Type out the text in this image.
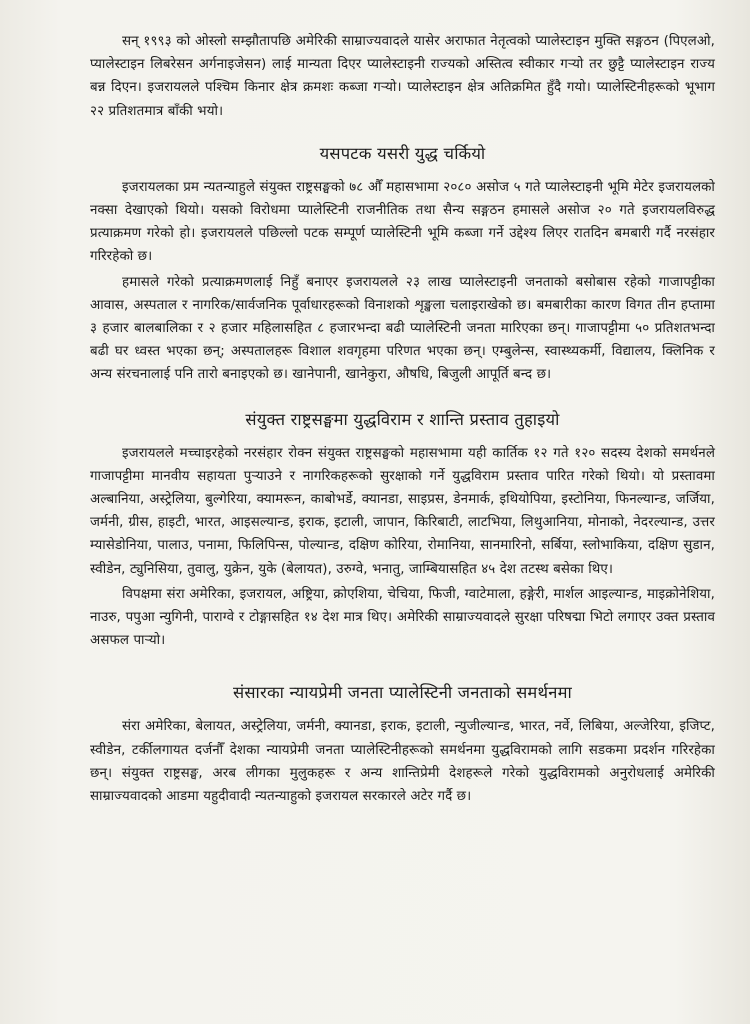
सन् १९९३ को ओस्लो सम्झौतापछि अमेरिकी साम्राज्यवादले यासेर अराफात नेतृत्वको प्यालेस्टाइन मुक्ति सङ्गठन (पिएलओ, प्यालेस्टाइन लिबरेसन अर्गनाइजेसन) लाई मान्यता दिएर प्यालेस्टाइनी राज्यको अस्तित्व स्वीकार गर्‍यो तर छुट्टै प्यालेस्टाइन राज्य बन्न दिएन। इजरायलले पश्चिम किनार क्षेत्र क्रमशः कब्जा गर्‍यो। प्यालेस्टाइन क्षेत्र अतिक्रमित हुँदै गयो। प्यालेस्टिनीहरूको भूभाग २२ प्रतिशतमात्र बाँकी भयो।

यसपटक यसरी युद्ध चर्कियो

इजरायलका प्रम न्यतन्याहुले संयुक्त राष्ट्रसङ्घको ७८ औँ महासभामा २०८० असोज ५ गते प्यालेस्टाइनी भूमि मेटेर इजरायलको नक्सा देखाएको थियो। यसको विरोधमा प्यालेस्टिनी राजनीतिक तथा सैन्य सङ्गठन हमासले असोज २० गते इजरायलविरुद्ध प्रत्याक्रमण गरेको हो। इजरायलले पछिल्लो पटक सम्पूर्ण प्यालेस्टिनी भूमि कब्जा गर्ने उद्देश्य लिएर रातदिन बमबारी गर्दै नरसंहार गरिरहेको छ।

हमासले गरेको प्रत्याक्रमणलाई निहुँ बनाएर इजरायलले २३ लाख प्यालेस्टाइनी जनताको बसोबास रहेको गाजापट्टीका आवास, अस्पताल र नागरिक/सार्वजनिक पूर्वाधारहरूको विनाशको शृङ्खला चलाइराखेको छ। बमबारीका कारण विगत तीन हप्तामा ३ हजार बालबालिका र २ हजार महिलासहित ८ हजारभन्दा बढी प्यालेस्टिनी जनता मारिएका छन्। गाजापट्टीमा ५० प्रतिशतभन्दा बढी घर ध्वस्त भएका छन्; अस्पतालहरू विशाल शवगृहमा परिणत भएका छन्। एम्बुलेन्स, स्वास्थ्यकर्मी, विद्यालय, क्लिनिक र अन्य संरचनालाई पनि तारो बनाइएको छ। खानेपानी, खानेकुरा, औषधि, बिजुली आपूर्ति बन्द छ।

संयुक्त राष्ट्रसङ्घमा युद्धविराम र शान्ति प्रस्ताव तुहाइयो

इजरायलले मच्चाइरहेको नरसंहार रोक्न संयुक्त राष्ट्रसङ्घको महासभामा यही कार्तिक १२ गते १२० सदस्य देशको समर्थनले गाजापट्टीमा मानवीय सहायता पुर्‍याउने र नागरिकहरूको सुरक्षाको गर्ने युद्धविराम प्रस्ताव पारित गरेको थियो। यो प्रस्तावमा अल्बानिया, अस्ट्रेलिया, बुल्गेरिया, क्यामरून, काबोभर्डे, क्यानडा, साइप्रस, डेनमार्क, इथियोपिया, इस्टोनिया, फिनल्यान्ड, जर्जिया, जर्मनी, ग्रीस, हाइटी, भारत, आइसल्यान्ड, इराक, इटाली, जापान, किरिबाटी, लाटभिया, लिथुआनिया, मोनाको, नेदरल्यान्ड, उत्तर म्यासेडोनिया, पालाउ, पनामा, फिलिपिन्स, पोल्यान्ड, दक्षिण कोरिया, रोमानिया, सानमारिनो, सर्बिया, स्लोभाकिया, दक्षिण सुडान, स्वीडेन, ट्युनिसिया, तुवालु, युक्रेन, युके (बेलायत), उरुग्वे, भनातु, जाम्बियासहित ४५ देश तटस्थ बसेका थिए।

विपक्षमा संरा अमेरिका, इजरायल, अष्ट्रिया, क्रोएशिया, चेचिया, फिजी, ग्वाटेमाला, हङ्गेरी, मार्शल आइल्यान्ड, माइक्रोनेशिया, नाउरु, पपुआ न्युगिनी, पाराग्वे र टोङ्गासहित १४ देश मात्र थिए। अमेरिकी साम्राज्यवादले सुरक्षा परिषद्मा भिटो लगाएर उक्त प्रस्ताव असफल पार्‍यो।

संसारका न्यायप्रेमी जनता प्यालेस्टिनी जनताको समर्थनमा

संरा अमेरिका, बेलायत, अस्ट्रेलिया, जर्मनी, क्यानडा, इराक, इटाली, न्युजील्यान्ड, भारत, नर्वे, लिबिया, अल्जेरिया, इजिप्ट, स्वीडेन, टर्कीलगायत दर्जनौँ देशका न्यायप्रेमी जनता प्यालेस्टिनीहरूको समर्थनमा युद्धविरामको लागि सडकमा प्रदर्शन गरिरहेका छन्। संयुक्त राष्ट्रसङ्घ, अरब लीगका मुलुकहरू र अन्य शान्तिप्रेमी देशहरूले गरेको युद्धविरामको अनुरोधलाई अमेरिकी साम्राज्यवादको आडमा यहुदीवादी न्यतन्याहुको इजरायल सरकारले अटेर गर्दै छ।
